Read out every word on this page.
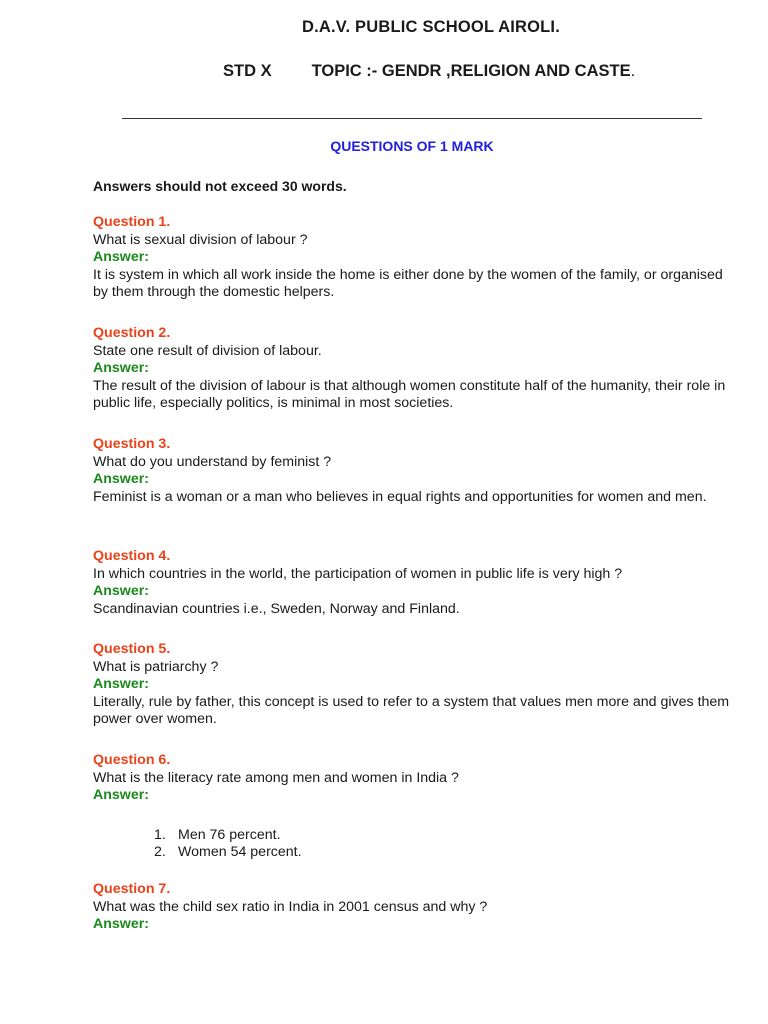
D.A.V. PUBLIC SCHOOL AIROLI.
STD X TOPIC :- GENDR ,RELIGION AND CASTE.
QUESTIONS OF 1 MARK
Answers should not exceed 30 words.
Question 1.
What is sexual division of labour ?
Answer:
It is system in which all work inside the home is either done by the women of the family, or organised by them through the domestic helpers.
Question 2.
State one result of division of labour.
Answer:
The result of the division of labour is that although women constitute half of the humanity, their role in public life, especially politics, is minimal in most societies.
Question 3.
What do you understand by feminist ?
Answer:
Feminist is a woman or a man who believes in equal rights and opportunities for women and men.
Question 4.
In which countries in the world, the participation of women in public life is very high ?
Answer:
Scandinavian countries i.e., Sweden, Norway and Finland.
Question 5.
What is patriarchy ?
Answer:
Literally, rule by father, this concept is used to refer to a system that values men more and gives them power over women.
Question 6.
What is the literacy rate among men and women in India ?
Answer:
1. Men 76 percent.
2. Women 54 percent.
Question 7.
What was the child sex ratio in India in 2001 census and why ?
Answer:
